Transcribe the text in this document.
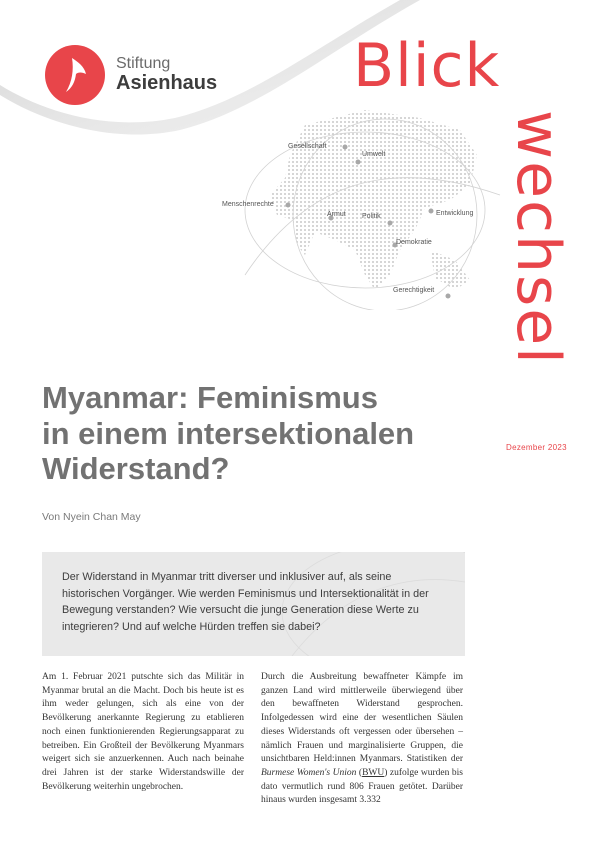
Stiftung
Asienhaus Blick
wechsel
Dezember 2023
Gesellschaft
Umwelt
Menschenrechte
Armut Politik	Entwicklung
Demokratie
Gerechtigkeit
Myanmar: Feminismus
in einem intersektionalen
Widerstand?
Von Nyein Chan May

Der Widerstand in Myanmar tritt diverser und inklusiver auf, als seine historischen Vorgänger. Wie werden Feminismus und Intersektionalität in der Bewegung verstanden? Wie versucht die junge Generation diese Werte zu integrieren? Und auf welche Hürden treffen sie dabei?

Am 1. Februar 2021 putschte sich das Militär in Myanmar brutal an die Macht. Doch bis heute ist es ihm weder gelungen, sich als eine von der Bevölkerung anerkannte Regierung zu etablieren noch einen funktionierenden Regierungsapparat zu betreiben. Ein Großteil der Bevölkerung Myanmars weigert sich sie anzuerkennen. Auch nach beinahe drei Jahren ist der starke Widerstandswille der Bevölkerung weiterhin ungebrochen.

Durch die Ausbreitung bewaffneter Kämpfe im ganzen Land wird mittlerweile überwiegend über den bewaffneten Widerstand gesprochen. Infolgedessen wird eine der wesentlichen Säulen dieses Widerstands oft vergessen oder übersehen – nämlich Frauen und marginalisierte Gruppen, die unsichtbaren Held:innen Myanmars. Statistiken der Burmese Women's Union (BWU) zufolge wurden bis dato vermutlich rund 806 Frauen getötet. Darüber hinaus wurden insgesamt 3.332
